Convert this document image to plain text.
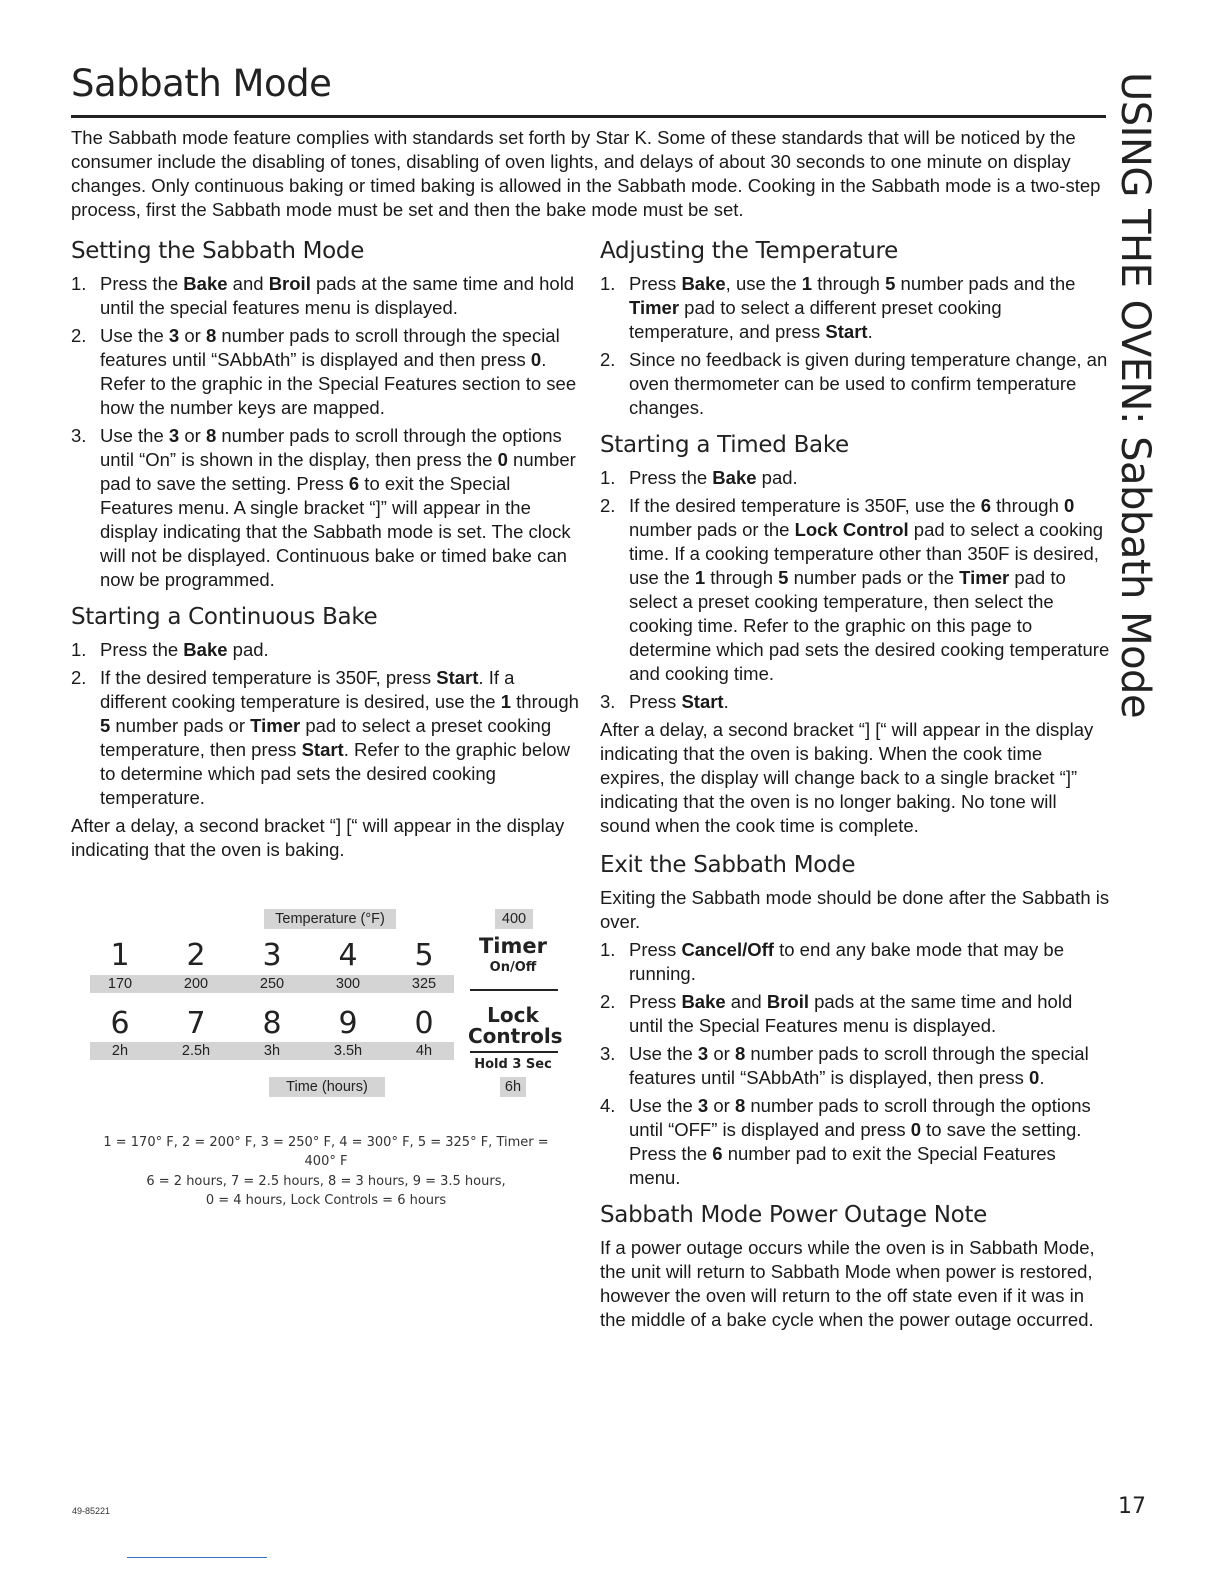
Sabbath Mode

The Sabbath mode feature complies with standards set forth by Star K. Some of these standards that will be noticed by the consumer include the disabling of tones, disabling of oven lights, and delays of about 30 seconds to one minute on display changes. Only continuous baking or timed baking is allowed in the Sabbath mode. Cooking in the Sabbath mode is a two-step process, first the Sabbath mode must be set and then the bake mode must be set.

Setting the Sabbath Mode
1. Press the Bake and Broil pads at the same time and hold until the special features menu is displayed.
2. Use the 3 or 8 number pads to scroll through the special features until “SAbbAth” is displayed and then press 0. Refer to the graphic in the Special Features section to see how the number keys are mapped.
3. Use the 3 or 8 number pads to scroll through the options until “On” is shown in the display, then press the 0 number pad to save the setting. Press 6 to exit the Special Features menu. A single bracket “]” will appear in the display indicating that the Sabbath mode is set. The clock will not be displayed. Continuous bake or timed bake can now be programmed.
Starting a Continuous Bake
1. Press the Bake pad.
2. If the desired temperature is 350F, press Start. If a different cooking temperature is desired, use the 1 through 5 number pads or Timer pad to select a preset cooking temperature, then press Start. Refer to the graphic below to determine which pad sets the desired cooking temperature.

After a delay, a second bracket “] [“ will appear in the display indicating that the oven is baking.

Temperature (°F)	400
1	2	3	4	5
170	200	250	300	325
Timer
On/Off
6	7	8	9	0
2h	2.5h	3h	3.5h	4h
Lock
Controls
Hold 3 Sec
Time (hours)	6h
1 = 170° F, 2 = 200° F, 3 = 250° F, 4 = 300° F, 5 = 325° F, Timer = 400° F
6 = 2 hours, 7 = 2.5 hours, 8 = 3 hours, 9 = 3.5 hours,
0 = 4 hours, Lock Controls = 6 hours
Adjusting the Temperature
1. Press Bake, use the 1 through 5 number pads and the Timer pad to select a different preset cooking temperature, and press Start.
2. Since no feedback is given during temperature change, an oven thermometer can be used to confirm temperature changes.
Starting a Timed Bake
1. Press the Bake pad.
2. If the desired temperature is 350F, use the 6 through 0 number pads or the Lock Control pad to select a cooking time. If a cooking temperature other than 350F is desired, use the 1 through 5 number pads or the Timer pad to select a preset cooking temperature, then select the cooking time. Refer to the graphic on this page to determine which pad sets the desired cooking temperature and cooking time.
3. Press Start.

After a delay, a second bracket “] [“ will appear in the display indicating that the oven is baking. When the cook time expires, the display will change back to a single bracket “]” indicating that the oven is no longer baking. No tone will sound when the cook time is complete.

Exit the Sabbath Mode

Exiting the Sabbath mode should be done after the Sabbath is over.

1. Press Cancel/Off to end any bake mode that may be running.
2. Press Bake and Broil pads at the same time and hold until the Special Features menu is displayed.
3. Use the 3 or 8 number pads to scroll through the special features until “SAbbAth” is displayed, then press 0.
4. Use the 3 or 8 number pads to scroll through the options until “OFF” is displayed and press 0 to save the setting. Press the 6 number pad to exit the Special Features menu.
Sabbath Mode Power Outage Note

If a power outage occurs while the oven is in Sabbath Mode, the unit will return to Sabbath Mode when power is restored, however the oven will return to the off state even if it was in the middle of a bake cycle when the power outage occurred.

USING THE OVEN: Sabbath Mode
49-85221	17
